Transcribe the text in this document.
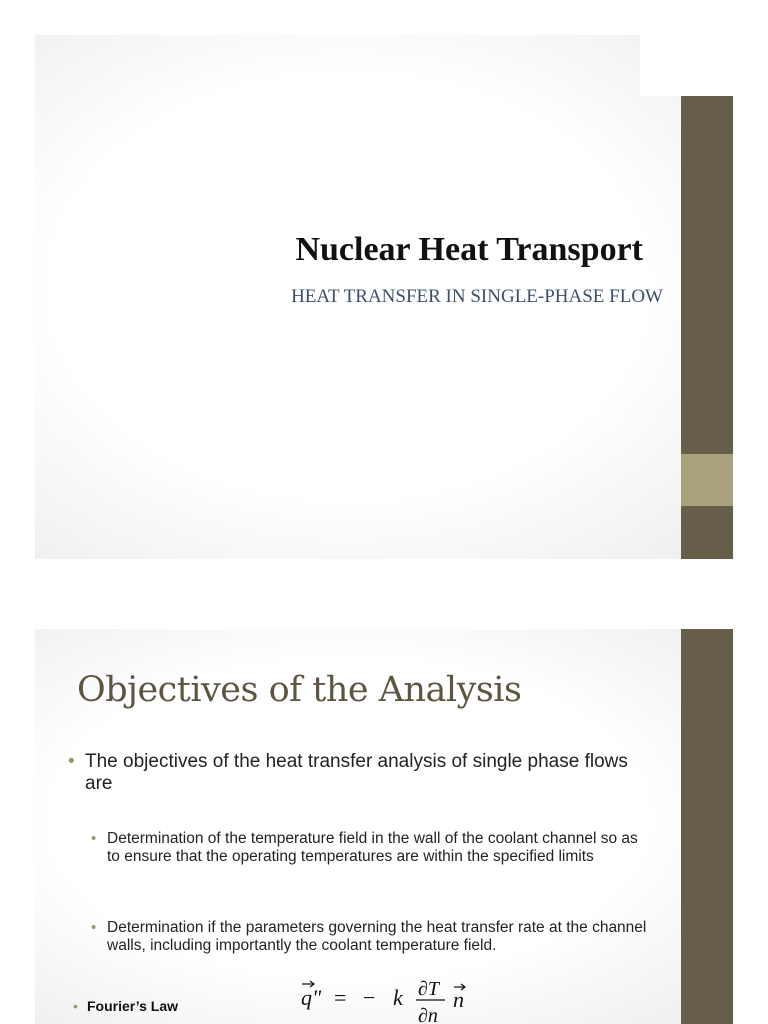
Nuclear Heat Transport

HEAT TRANSFER IN SINGLE-PHASE FLOW

Objectives of the Analysis
• The objectives of the heat transfer analysis of single phase flows are
• Determination of the temperature field in the wall of the coolant channel so as to ensure that the operating temperatures are within the specified limits
• Determination if the parameters governing the heat transfer rate at the channel walls, including importantly the coolant temperature field.
• Fourier’s Law	q" = − k ∂T
∂n
n
